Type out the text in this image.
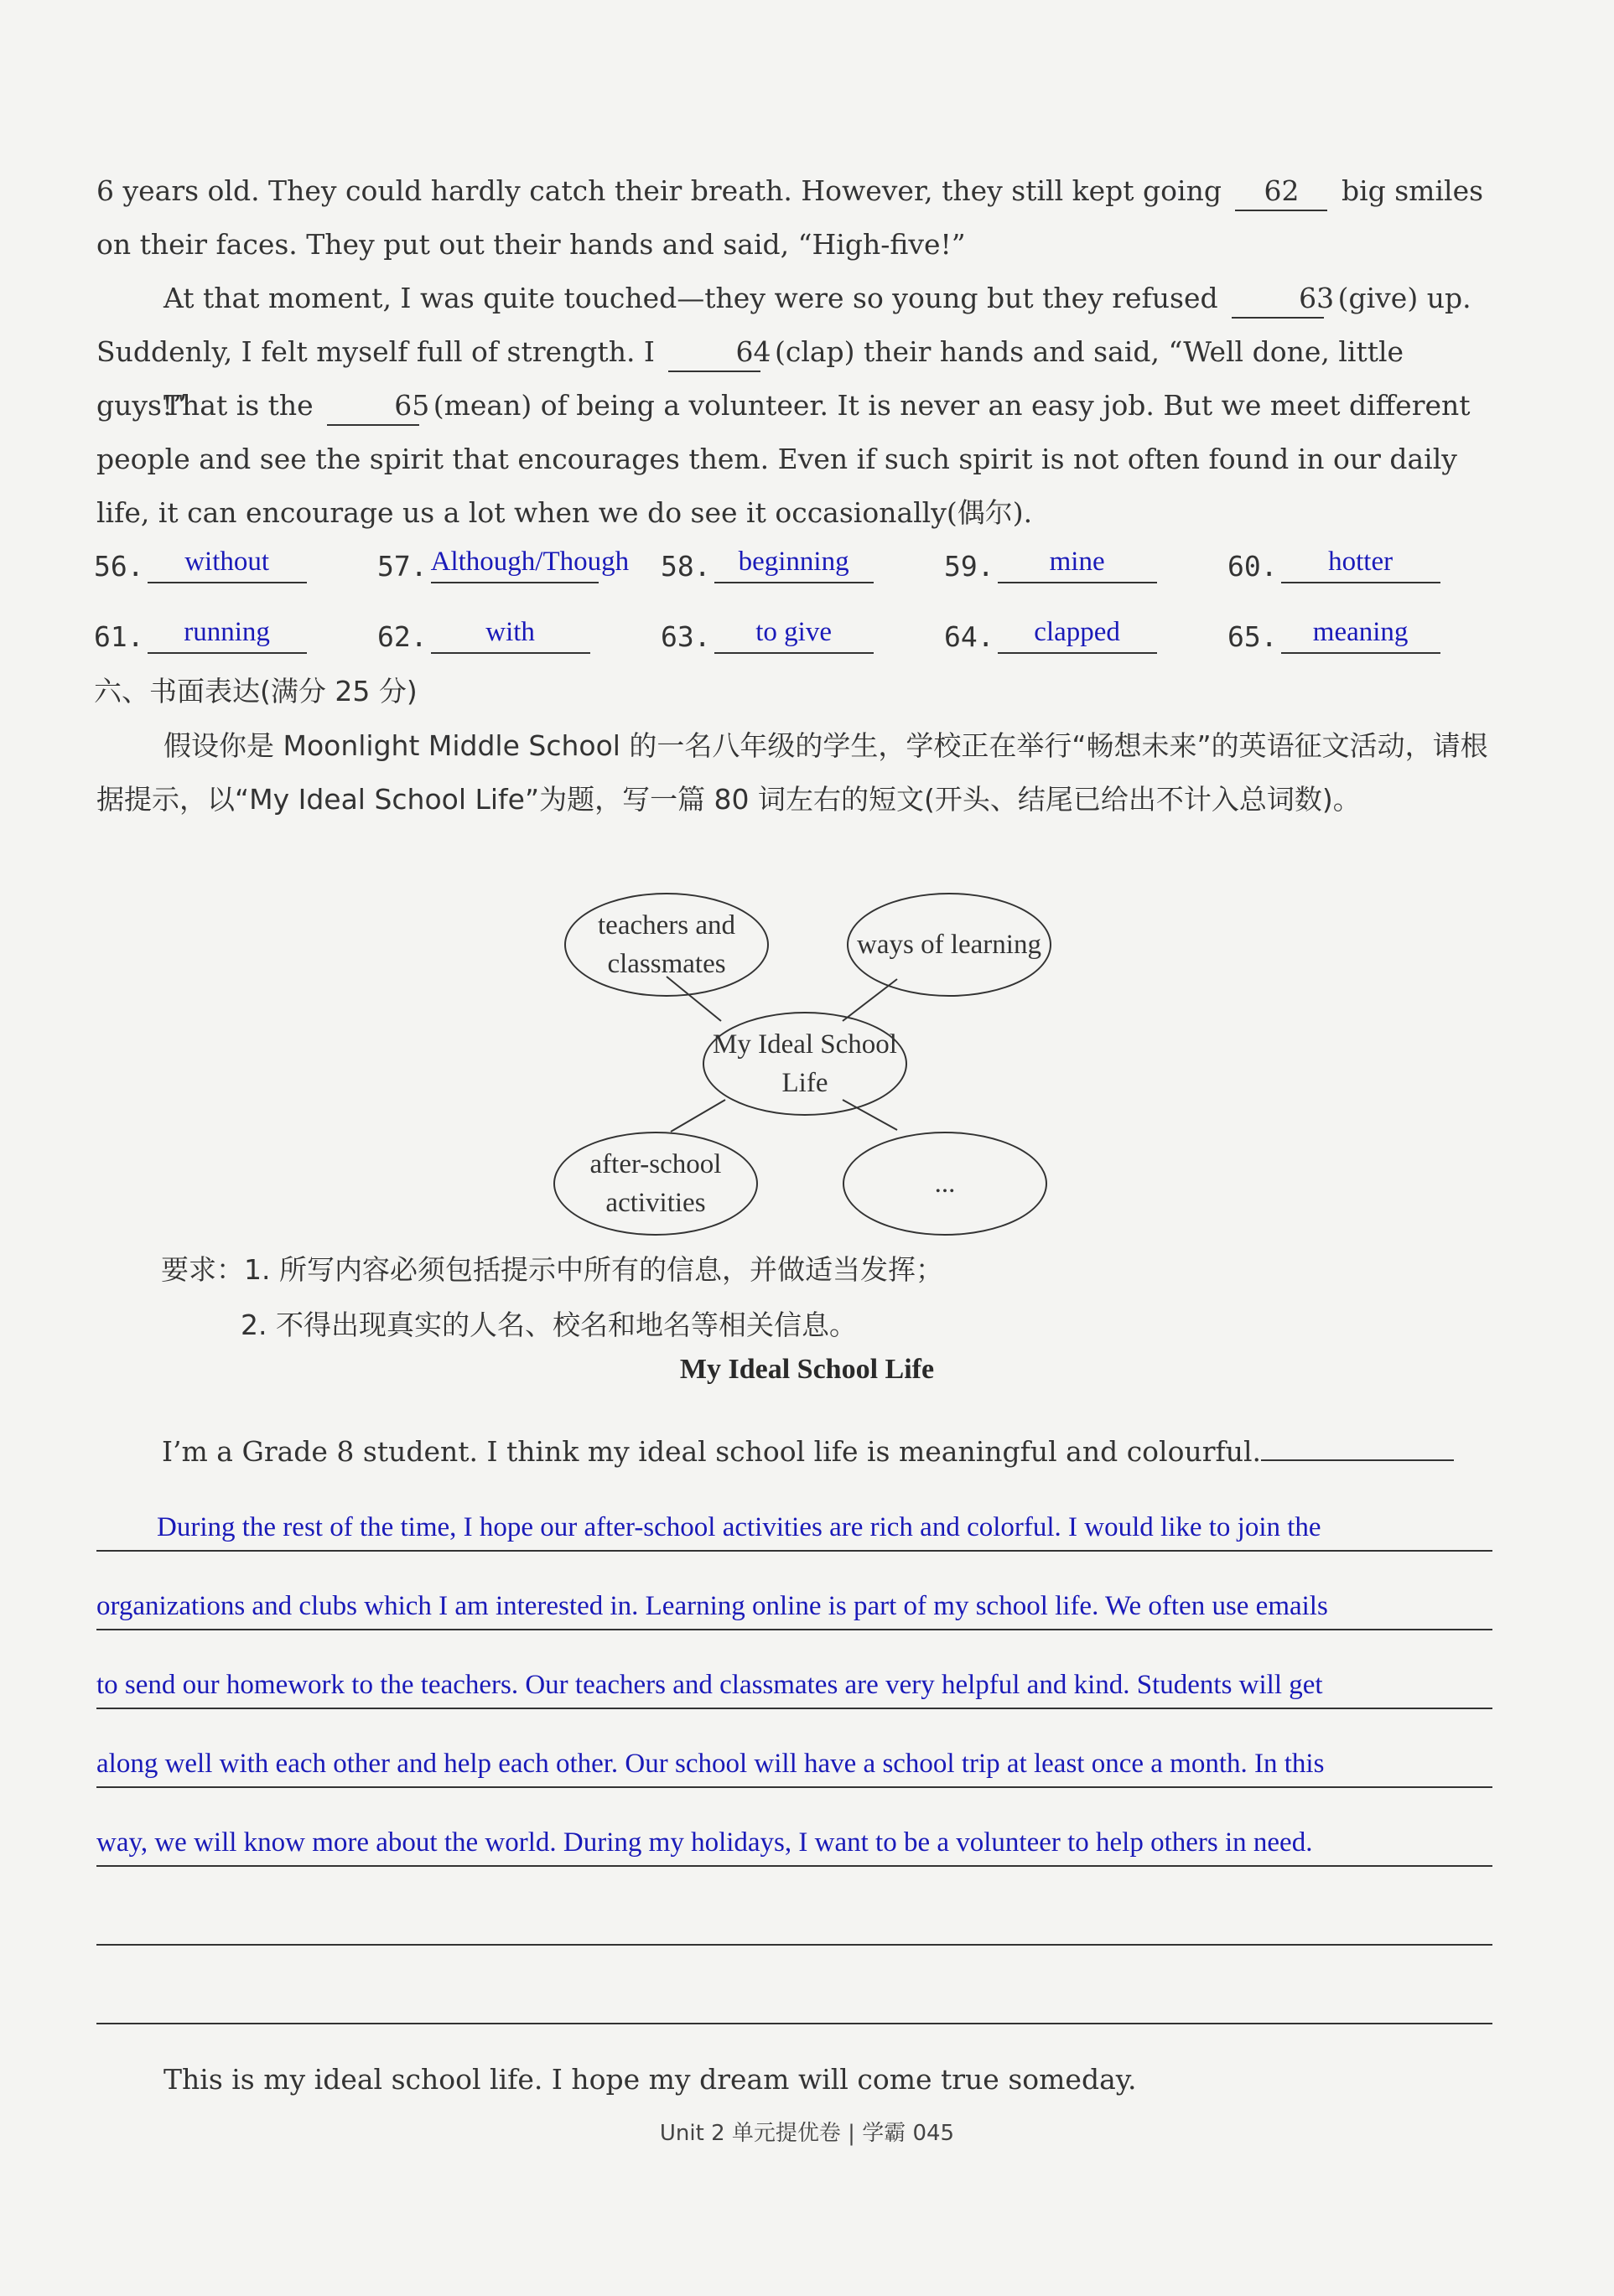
6 years old. They could hardly catch their breath. However, they still kept going 62 big smiles on their faces. They put out their hands and said, “High-five!”
At that moment, I was quite touched—they were so young but they refused	63 (give) up. Suddenly, I felt myself full of strength. I	64 (clap) their hands and said, “Well done, little guys!”
That is the	65 (mean) of being a volunteer. It is never an easy job. But we meet different people and see the spirit that encourages them. Even if such spirit is not often found in our daily life, it can encourage us a lot when we do see it occasionally(偶尔).
56.	without	57. Although/Though 58.	beginning	59.	mine	60.	hotter
61.	running	62.	with	63.	to give	64.	clapped	65.	meaning
六、书面表达(满分 25 分)
假设你是 Moonlight Middle School 的一名八年级的学生，学校正在举行“畅想未来”的英语征文活动，请根据提示，以“My Ideal School Life”为题，写一篇 80 词左右的短文(开头、结尾已给出不计入总词数)。
teachers and classmates
ways of learning
My Ideal School Life
after-school activities
...
要求：1. 所写内容必须包括提示中所有的信息，并做适当发挥；
2. 不得出现真实的人名、校名和地名等相关信息。
My Ideal School Life
I’m a Grade 8 student. I think my ideal school life is meaningful and colourful.
During the rest of the time, I hope our after-school activities are rich and colorful. I would like to join the
organizations and clubs which I am interested in. Learning online is part of my school life. We often use emails
to send our homework to the teachers. Our teachers and classmates are very helpful and kind. Students will get
along well with each other and help each other. Our school will have a school trip at least once a month. In this
way, we will know more about the world. During my holidays, I want to be a volunteer to help others in need.
This is my ideal school life. I hope my dream will come true someday.
Unit 2 单元提优卷 | 学霸 045
